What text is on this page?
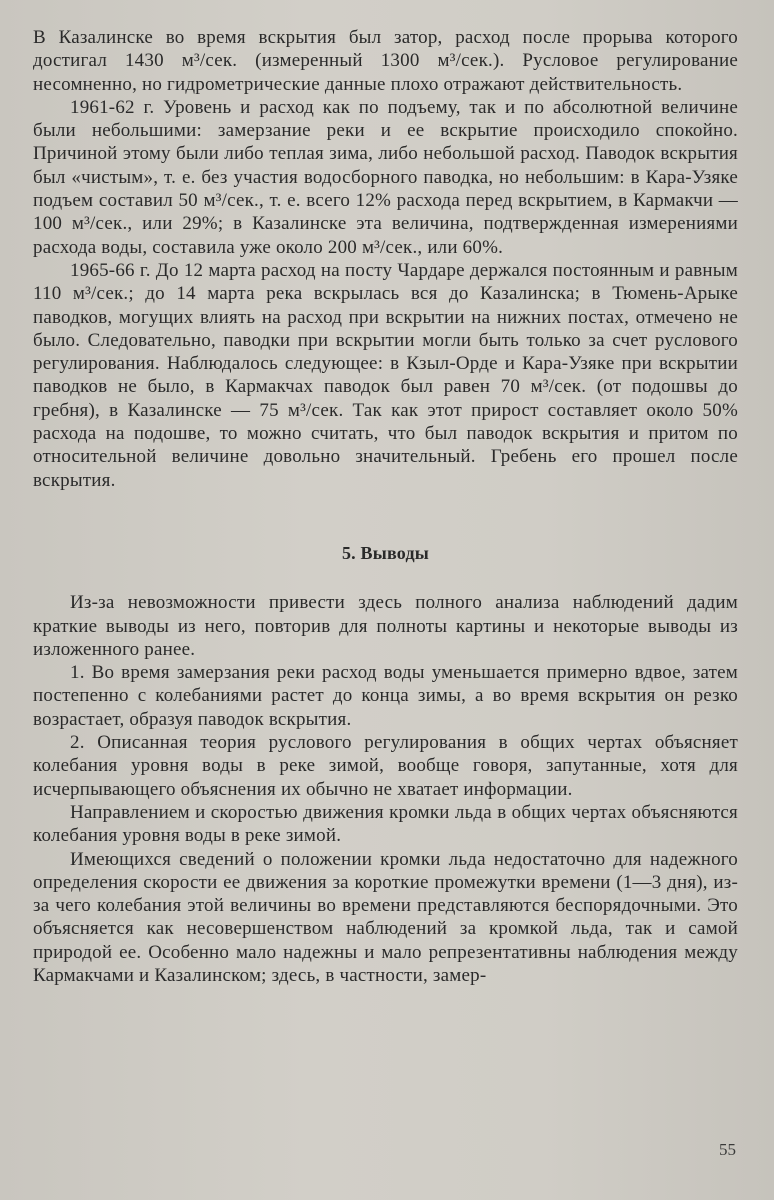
В Казалинске во время вскрытия был затор, расход после прорыва которого достигал 1430 м³/сек. (измеренный 1300 м³/сек.). Русловое регулирование несомненно, но гидрометрические данные плохо отражают действительность.

1961-62 г. Уровень и расход как по подъему, так и по абсолютной величине были небольшими: замерзание реки и ее вскрытие происходило спокойно. Причиной этому были либо теплая зима, либо небольшой расход. Паводок вскрытия был «чистым», т. е. без участия водосборного паводка, но небольшим: в Кара-Узяке подъем составил 50 м³/сек., т. е. всего 12% расхода перед вскрытием, в Кармакчи — 100 м³/сек., или 29%; в Казалинске эта величина, подтвержденная измерениями расхода воды, составила уже около 200 м³/сек., или 60%.

1965-66 г. До 12 марта расход на посту Чардаре держался постоянным и равным 110 м³/сек.; до 14 марта река вскрылась вся до Казалинска; в Тюмень-Арыке паводков, могущих влиять на расход при вскрытии на нижних постах, отмечено не было. Следовательно, паводки при вскрытии могли быть только за счет руслового регулирования. Наблюдалось следующее: в Кзыл-Орде и Кара-Узяке при вскрытии паводков не было, в Кармакчах паводок был равен 70 м³/сек. (от подошвы до гребня), в Казалинске — 75 м³/сек. Так как этот прирост составляет около 50% расхода на подошве, то можно считать, что был паводок вскрытия и притом по относительной величине довольно значительный. Гребень его прошел после вскрытия.

5. Выводы

Из-за невозможности привести здесь полного анализа наблюдений дадим краткие выводы из него, повторив для полноты картины и некоторые выводы из изложенного ранее.

1. Во время замерзания реки расход воды уменьшается примерно вдвое, затем постепенно с колебаниями растет до конца зимы, а во время вскрытия он резко возрастает, образуя паводок вскрытия.

2. Описанная теория руслового регулирования в общих чертах объясняет колебания уровня воды в реке зимой, вообще говоря, запутанные, хотя для исчерпывающего объяснения их обычно не хватает информации.

Направлением и скоростью движения кромки льда в общих чертах объясняются колебания уровня воды в реке зимой.

Имеющихся сведений о положении кромки льда недостаточно для надежного определения скорости ее движения за короткие промежутки времени (1—3 дня), из-за чего колебания этой величины во времени представляются беспорядочными. Это объясняется как несовершенством наблюдений за кромкой льда, так и самой природой ее. Особенно мало надежны и мало репрезентативны наблюдения между Кармакчами и Казалинском; здесь, в частности, замер-

55
